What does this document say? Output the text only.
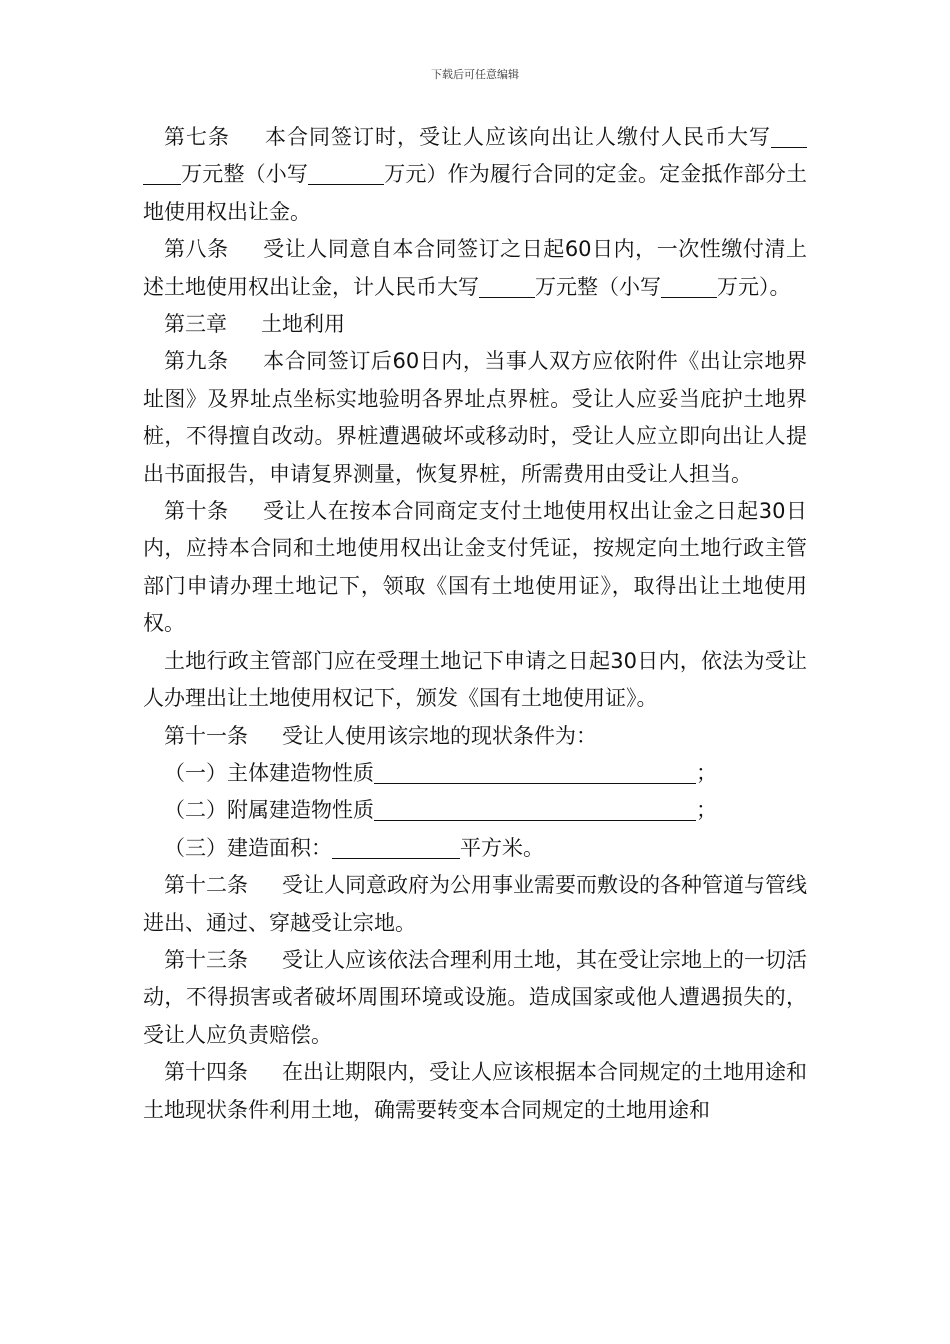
下载后可任意编辑

第七条 本合同签订时，受让人应该向出让人缴付人民币大写万元整（小写	万元）作为履行合同的定金。定金抵作部分土地使用权出让金。

第八条 受让人同意自本合同签订之日起60日内，一次性缴付清上述土地使用权出让金，计人民币大写	万元整（小写	万元）。

第三章 土地利用

第九条 本合同签订后60日内，当事人双方应依附件《出让宗地界址图》及界址点坐标实地验明各界址点界桩。受让人应妥当庇护土地界桩，不得擅自改动。界桩遭遇破坏或移动时，受让人应立即向出让人提出书面报告，申请复界测量，恢复界桩，所需费用由受让人担当。

第十条 受让人在按本合同商定支付土地使用权出让金之日起30日内，应持本合同和土地使用权出让金支付凭证，按规定向土地行政主管部门申请办理土地记下，领取《国有土地使用证》，取得出让土地使用权。

土地行政主管部门应在受理土地记下申请之日起30日内，依法为受让人办理出让土地使用权记下，颁发《国有土地使用证》。

第十一条 受让人使用该宗地的现状条件为：

（一）主体建造物性质	；

（二）附属建造物性质	；

（三）建造面积：	平方米。

第十二条 受让人同意政府为公用事业需要而敷设的各种管道与管线进出、通过、穿越受让宗地。

第十三条 受让人应该依法合理利用土地，其在受让宗地上的一切活动，不得损害或者破坏周围环境或设施。造成国家或他人遭遇损失的，受让人应负责赔偿。

第十四条 在出让期限内，受让人应该根据本合同规定的土地用途和土地现状条件利用土地，确需要转变本合同规定的土地用途和
